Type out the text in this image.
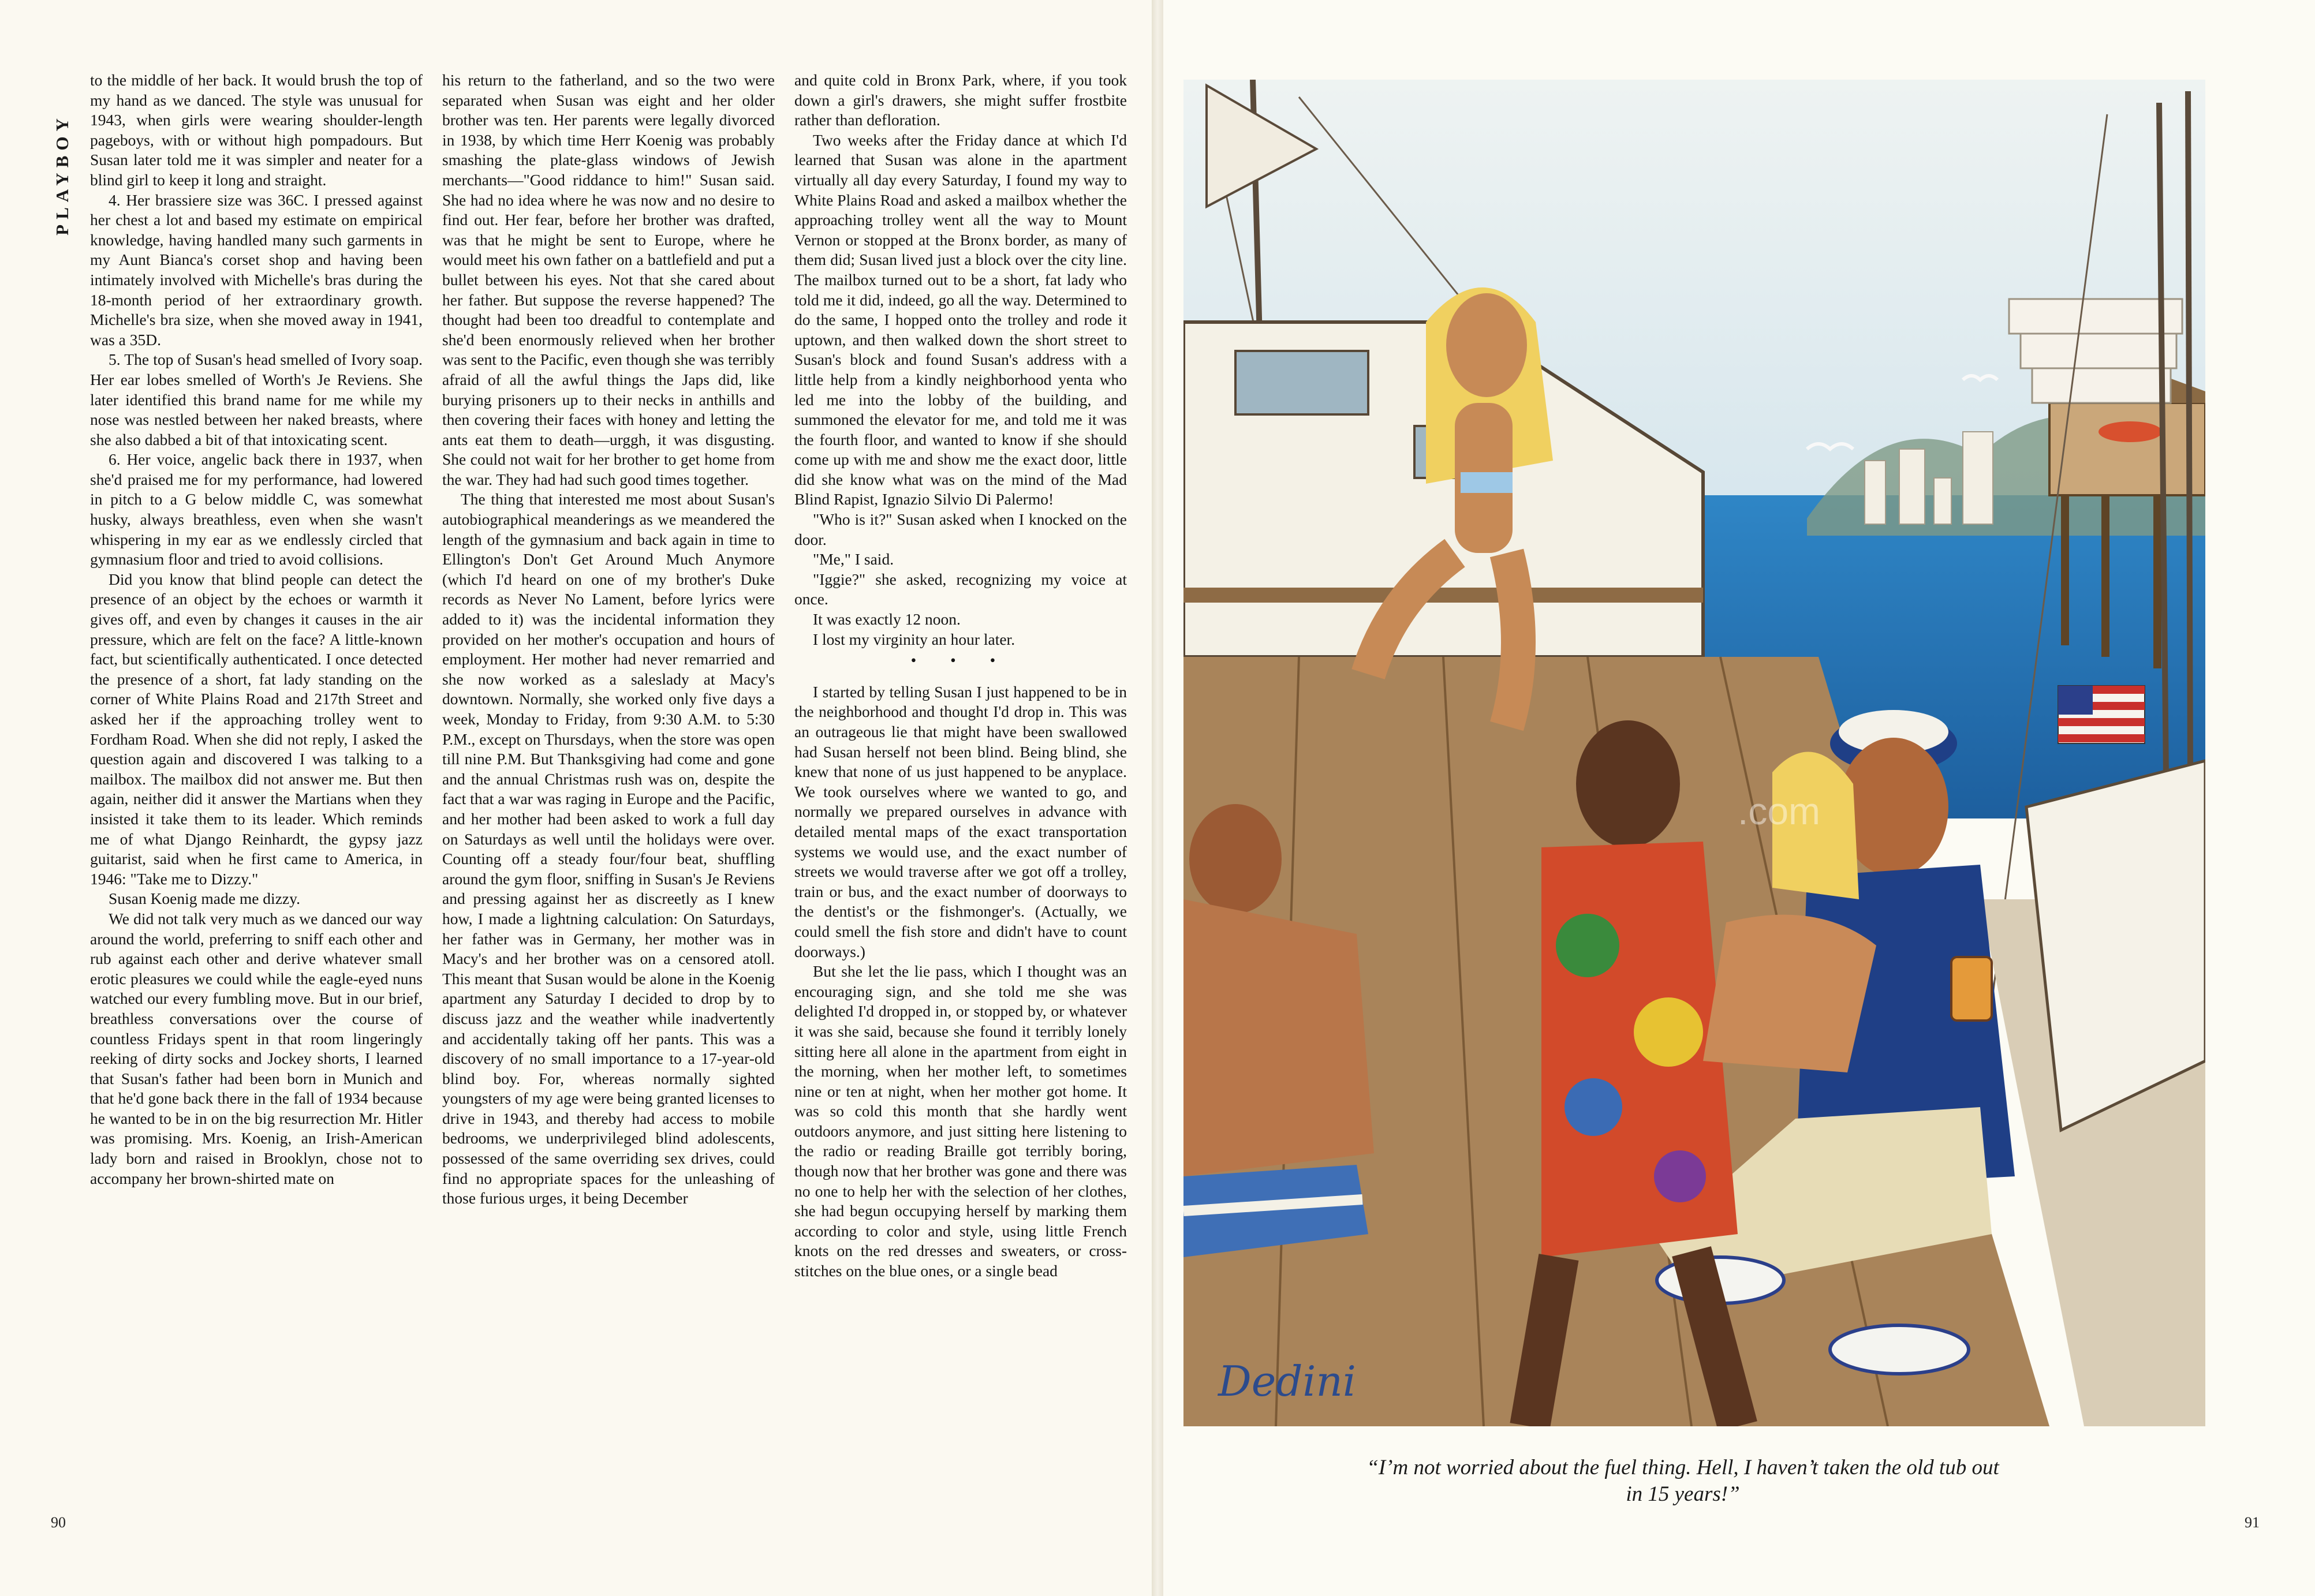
PLAYBOY

to the middle of her back. It would brush the top of my hand as we danced. The style was unusual for 1943, when girls were wearing shoulder-length pageboys, with or without high pompadours. But Susan later told me it was simpler and neater for a blind girl to keep it long and straight.

4. Her brassiere size was 36C. I pressed against her chest a lot and based my estimate on empirical knowledge, having handled many such garments in my Aunt Bianca's corset shop and having been intimately involved with Michelle's bras during the 18-month period of her extraordinary growth. Michelle's bra size, when she moved away in 1941, was a 35D.

5. The top of Susan's head smelled of Ivory soap. Her ear lobes smelled of Worth's Je Reviens. She later identified this brand name for me while my nose was nestled between her naked breasts, where she also dabbed a bit of that intoxicating scent.

6. Her voice, angelic back there in 1937, when she'd praised me for my performance, had lowered in pitch to a G below middle C, was somewhat husky, always breathless, even when she wasn't whispering in my ear as we endlessly circled that gymnasium floor and tried to avoid collisions.

Did you know that blind people can detect the presence of an object by the echoes or warmth it gives off, and even by changes it causes in the air pressure, which are felt on the face? A little-known fact, but scientifically authenticated. I once detected the presence of a short, fat lady standing on the corner of White Plains Road and 217th Street and asked her if the approaching trolley went to Fordham Road. When she did not reply, I asked the question again and discovered I was talking to a mailbox. The mailbox did not answer me. But then again, neither did it answer the Martians when they insisted it take them to its leader. Which reminds me of what Django Reinhardt, the gypsy jazz guitarist, said when he first came to America, in 1946: "Take me to Dizzy."

Susan Koenig made me dizzy.

We did not talk very much as we danced our way around the world, preferring to sniff each other and rub against each other and derive whatever small erotic pleasures we could while the eagle-eyed nuns watched our every fumbling move. But in our brief, breathless conversations over the course of countless Fridays spent in that room lingeringly reeking of dirty socks and Jockey shorts, I learned that Susan's father had been born in Munich and that he'd gone back there in the fall of 1934 because he wanted to be in on the big resurrection Mr. Hitler was promising. Mrs. Koenig, an Irish-American lady born and raised in Brooklyn, chose not to accompany her brown-shirted mate on

his return to the fatherland, and so the two were separated when Susan was eight and her older brother was ten. Her parents were legally divorced in 1938, by which time Herr Koenig was probably smashing the plate-glass windows of Jewish merchants—"Good riddance to him!" Susan said. She had no idea where he was now and no desire to find out. Her fear, before her brother was drafted, was that he might be sent to Europe, where he would meet his own father on a battlefield and put a bullet between his eyes. Not that she cared about her father. But suppose the reverse happened? The thought had been too dreadful to contemplate and she'd been enormously relieved when her brother was sent to the Pacific, even though she was terribly afraid of all the awful things the Japs did, like burying prisoners up to their necks in anthills and then covering their faces with honey and letting the ants eat them to death—urggh, it was disgusting. She could not wait for her brother to get home from the war. They had had such good times together.

The thing that interested me most about Susan's autobiographical meanderings as we meandered the length of the gymnasium and back again in time to Ellington's Don't Get Around Much Anymore (which I'd heard on one of my brother's Duke records as Never No Lament, before lyrics were added to it) was the incidental information they provided on her mother's occupation and hours of employment. Her mother had never remarried and she now worked as a saleslady at Macy's downtown. Normally, she worked only five days a week, Monday to Friday, from 9:30 A.M. to 5:30 P.M., except on Thursdays, when the store was open till nine P.M. But Thanksgiving had come and gone and the annual Christmas rush was on, despite the fact that a war was raging in Europe and the Pacific, and her mother had been asked to work a full day on Saturdays as well until the holidays were over. Counting off a steady four/four beat, shuffling around the gym floor, sniffing in Susan's Je Reviens and pressing against her as discreetly as I knew how, I made a lightning calculation: On Saturdays, her father was in Germany, her mother was in Macy's and her brother was on a censored atoll. This meant that Susan would be alone in the Koenig apartment any Saturday I decided to drop by to discuss jazz and the weather while inadvertently and accidentally taking off her pants. This was a discovery of no small importance to a 17-year-old blind boy. For, whereas normally sighted youngsters of my age were being granted licenses to drive in 1943, and thereby had access to mobile bedrooms, we underprivileged blind adolescents, possessed of the same overriding sex drives, could find no appropriate spaces for the unleashing of those furious urges, it being December

and quite cold in Bronx Park, where, if you took down a girl's drawers, she might suffer frostbite rather than defloration.

Two weeks after the Friday dance at which I'd learned that Susan was alone in the apartment virtually all day every Saturday, I found my way to White Plains Road and asked a mailbox whether the approaching trolley went all the way to Mount Vernon or stopped at the Bronx border, as many of them did; Susan lived just a block over the city line. The mailbox turned out to be a short, fat lady who told me it did, indeed, go all the way. Determined to do the same, I hopped onto the trolley and rode it uptown, and then walked down the short street to Susan's block and found Susan's address with a little help from a kindly neighborhood yenta who led me into the lobby of the building, and summoned the elevator for me, and told me it was the fourth floor, and wanted to know if she should come up with me and show me the exact door, little did she know what was on the mind of the Mad Blind Rapist, Ignazio Silvio Di Palermo!

"Who is it?" Susan asked when I knocked on the door.

"Me," I said.

"Iggie?" she asked, recognizing my voice at once.

It was exactly 12 noon.

I lost my virginity an hour later.

• • •

I started by telling Susan I just happened to be in the neighborhood and thought I'd drop in. This was an outrageous lie that might have been swallowed had Susan herself not been blind. Being blind, she knew that none of us just happened to be anyplace. We took ourselves where we wanted to go, and normally we prepared ourselves in advance with detailed mental maps of the exact transportation systems we would use, and the exact number of streets we would traverse after we got off a trolley, train or bus, and the exact number of doorways to the dentist's or the fishmonger's. (Actually, we could smell the fish store and didn't have to count doorways.)

But she let the lie pass, which I thought was an encouraging sign, and she told me she was delighted I'd dropped in, or stopped by, or whatever it was she said, because she found it terribly lonely sitting here all alone in the apartment from eight in the morning, when her mother left, to sometimes nine or ten at night, when her mother got home. It was so cold this month that she hardly went outdoors anymore, and just sitting here listening to the radio or reading Braille got terribly boring, though now that her brother was gone and there was no one to help her with the selection of her clothes, she had begun occupying herself by marking them according to color and style, using little French knots on the red dresses and sweaters, or cross-stitches on the blue ones, or a single bead

90
Dedini
.com
“I’m not worried about the fuel thing. Hell, I haven’t taken the old tub out in 15 years!”
91
